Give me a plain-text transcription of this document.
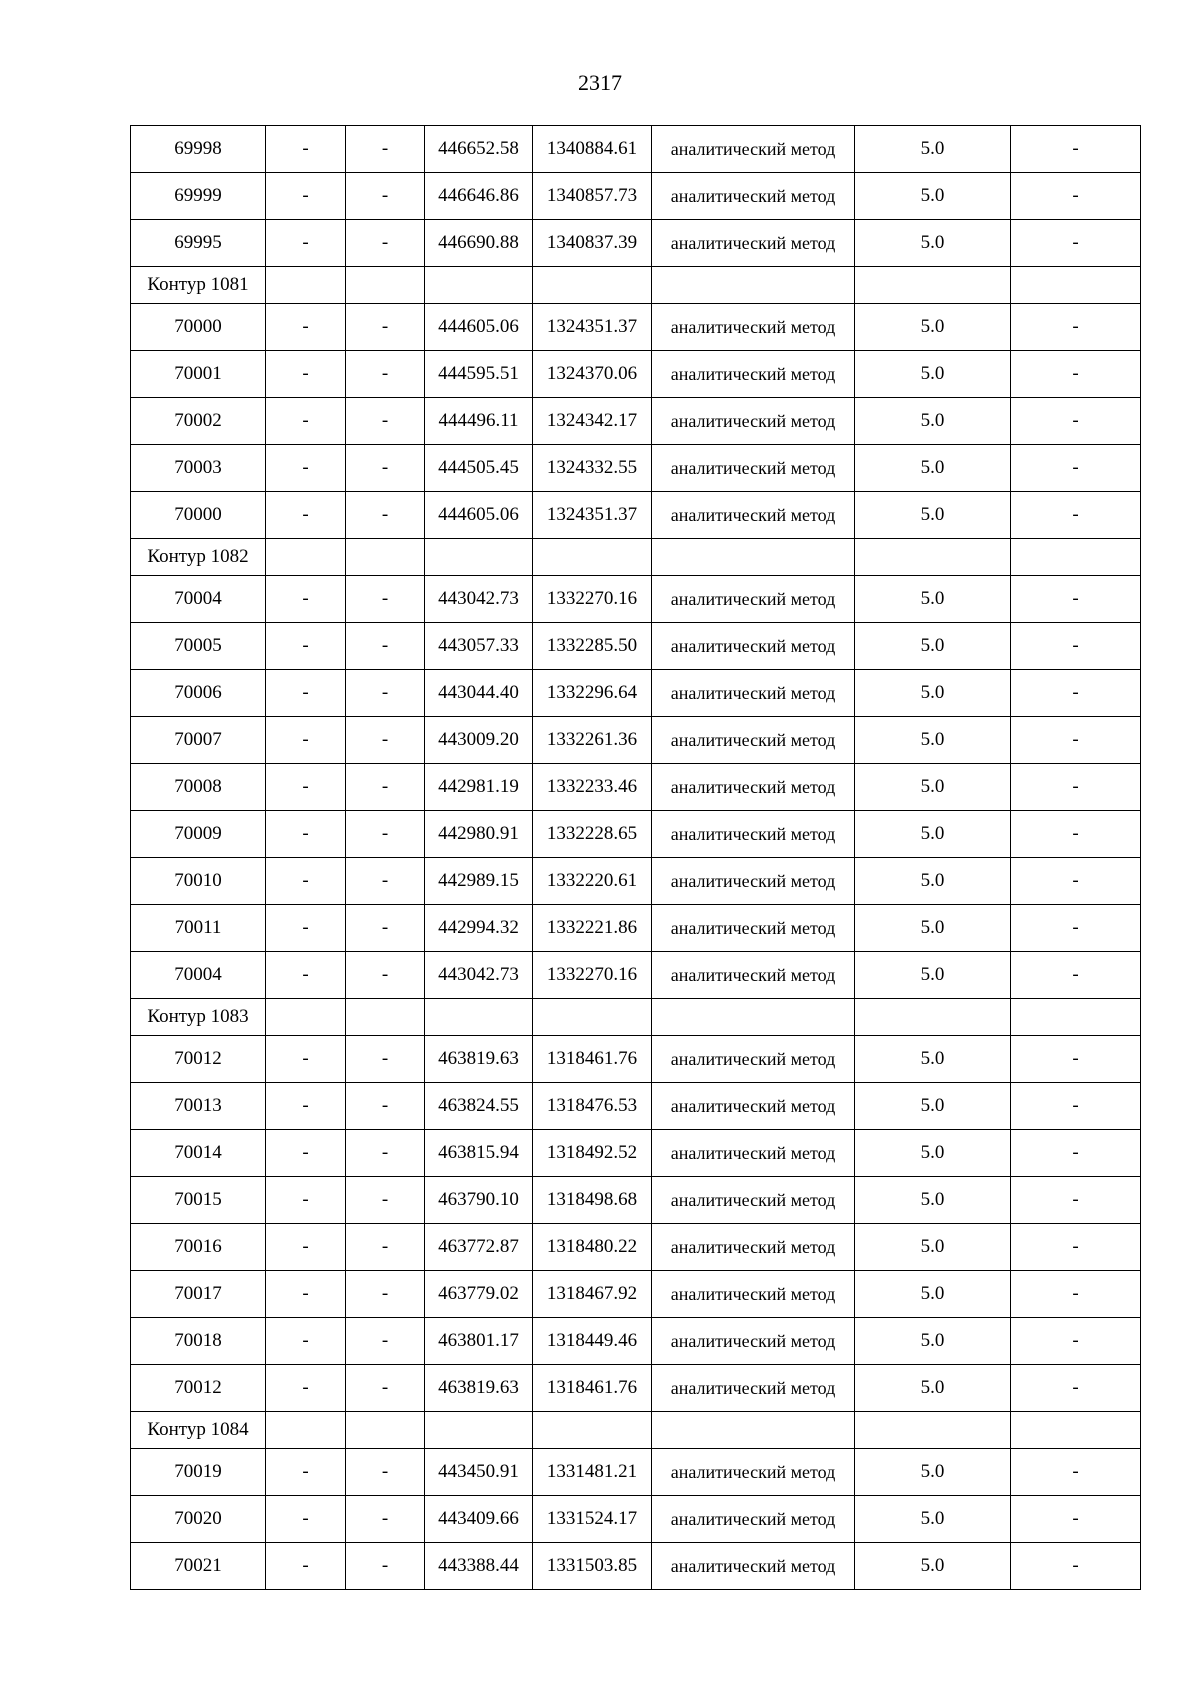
2317
69998	-	-	446652.58	1340884.61	аналитический метод	5.0	-
69999	-	-	446646.86	1340857.73	аналитический метод	5.0	-
69995	-	-	446690.88	1340837.39	аналитический метод	5.0	-
Контур 1081							
70000	-	-	444605.06	1324351.37	аналитический метод	5.0	-
70001	-	-	444595.51	1324370.06	аналитический метод	5.0	-
70002	-	-	444496.11	1324342.17	аналитический метод	5.0	-
70003	-	-	444505.45	1324332.55	аналитический метод	5.0	-
70000	-	-	444605.06	1324351.37	аналитический метод	5.0	-
Контур 1082							
70004	-	-	443042.73	1332270.16	аналитический метод	5.0	-
70005	-	-	443057.33	1332285.50	аналитический метод	5.0	-
70006	-	-	443044.40	1332296.64	аналитический метод	5.0	-
70007	-	-	443009.20	1332261.36	аналитический метод	5.0	-
70008	-	-	442981.19	1332233.46	аналитический метод	5.0	-
70009	-	-	442980.91	1332228.65	аналитический метод	5.0	-
70010	-	-	442989.15	1332220.61	аналитический метод	5.0	-
70011	-	-	442994.32	1332221.86	аналитический метод	5.0	-
70004	-	-	443042.73	1332270.16	аналитический метод	5.0	-
Контур 1083							
70012	-	-	463819.63	1318461.76	аналитический метод	5.0	-
70013	-	-	463824.55	1318476.53	аналитический метод	5.0	-
70014	-	-	463815.94	1318492.52	аналитический метод	5.0	-
70015	-	-	463790.10	1318498.68	аналитический метод	5.0	-
70016	-	-	463772.87	1318480.22	аналитический метод	5.0	-
70017	-	-	463779.02	1318467.92	аналитический метод	5.0	-
70018	-	-	463801.17	1318449.46	аналитический метод	5.0	-
70012	-	-	463819.63	1318461.76	аналитический метод	5.0	-
Контур 1084							
70019	-	-	443450.91	1331481.21	аналитический метод	5.0	-
70020	-	-	443409.66	1331524.17	аналитический метод	5.0	-
70021	-	-	443388.44	1331503.85	аналитический метод	5.0	-
